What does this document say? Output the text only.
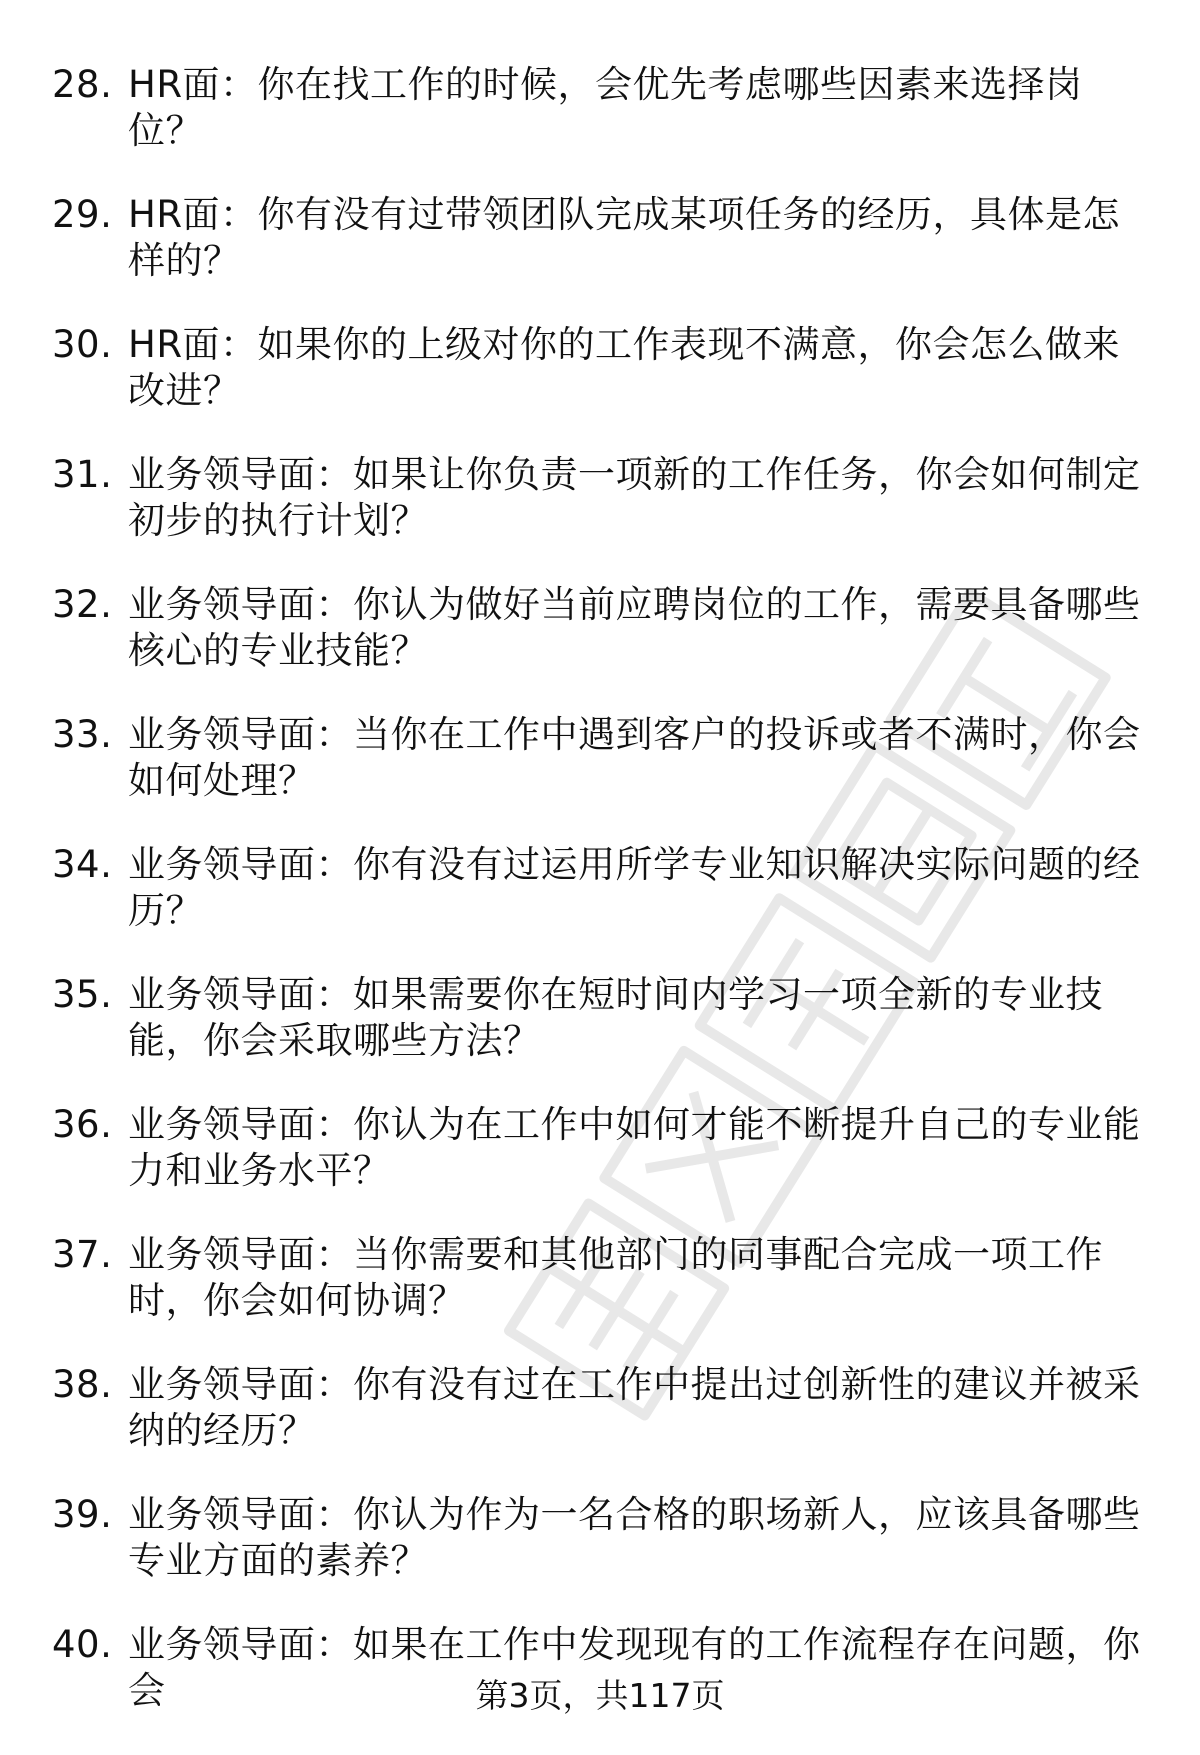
28. HR面：你在找工作的时候，会优先考虑哪些因素来选择岗位？
29. HR面：你有没有过带领团队完成某项任务的经历，具体是怎样的？
30. HR面：如果你的上级对你的工作表现不满意，你会怎么做来改进？
31. 业务领导面：如果让你负责一项新的工作任务，你会如何制定初步的执行计划？
32. 业务领导面：你认为做好当前应聘岗位的工作，需要具备哪些核心的专业技能？
33. 业务领导面：当你在工作中遇到客户的投诉或者不满时，你会如何处理？
34. 业务领导面：你有没有过运用所学专业知识解决实际问题的经历？
35. 业务领导面：如果需要你在短时间内学习一项全新的专业技能，你会采取哪些方法？
36. 业务领导面：你认为在工作中如何才能不断提升自己的专业能力和业务水平？
37. 业务领导面：当你需要和其他部门的同事配合完成一项工作时，你会如何协调？
38. 业务领导面：你有没有过在工作中提出过创新性的建议并被采纳的经历？
39. 业务领导面：你认为作为一名合格的职场新人，应该具备哪些专业方面的素养？
40. 业务领导面：如果在工作中发现现有的工作流程存在问题，你会	第3页，共117页
